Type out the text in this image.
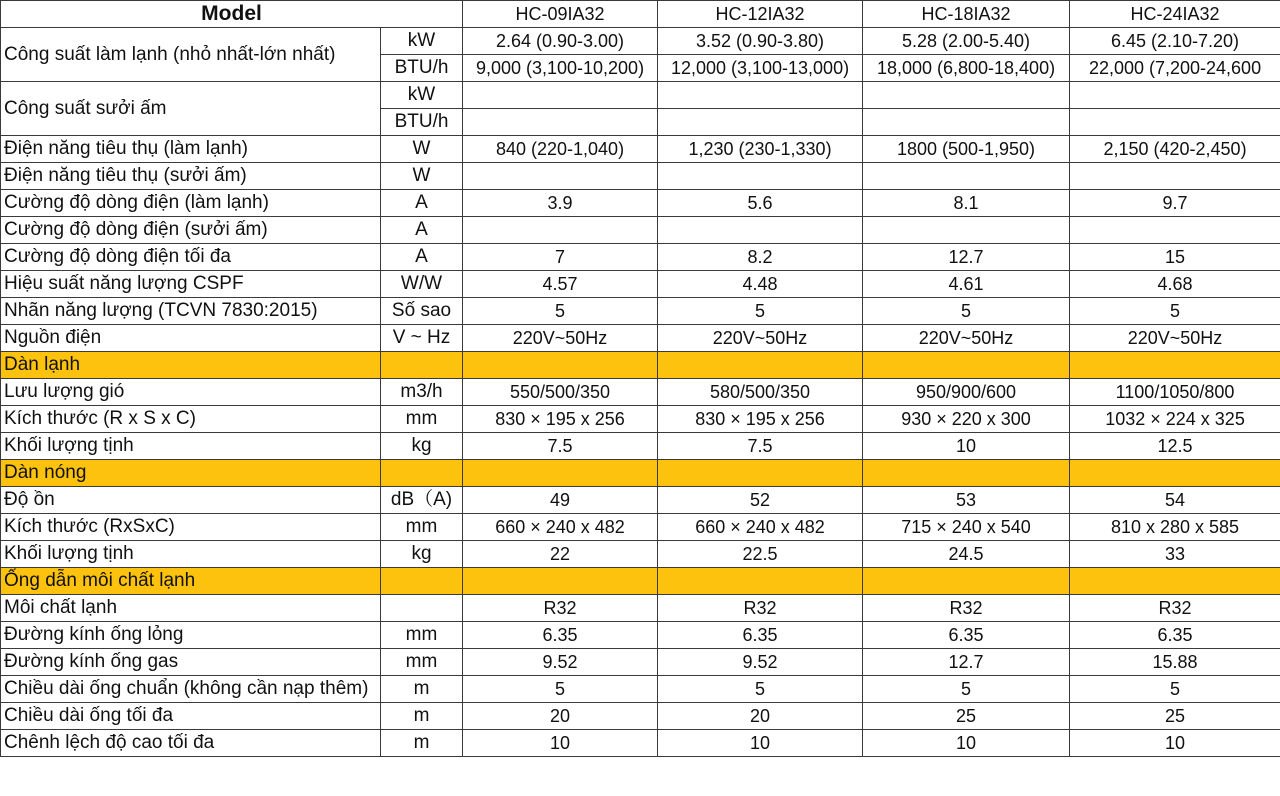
Model		HC-09IA32	HC-12IA32	HC-18IA32	HC-24IA32
Công suất làm lạnh (nhỏ nhất-lớn nhất)	kW	2.64 (0.90-3.00)	3.52 (0.90-3.80)	5.28 (2.00-5.40)	6.45 (2.10-7.20)
	BTU/h	9,000 (3,100-10,200)	12,000 (3,100-13,000)	18,000 (6,800-18,400)	22,000 (7,200-24,600
Công suất sưởi ấm	kW				
	BTU/h				
Điện năng tiêu thụ (làm lạnh)	W	840 (220-1,040)	1,230 (230-1,330)	1800 (500-1,950)	2,150 (420-2,450)
Điện năng tiêu thụ (sưởi ấm)	W				
Cường độ dòng điện (làm lạnh)	A	3.9	5.6	8.1	9.7
Cường độ dòng điện (sưởi ấm)	A				
Cường độ dòng điện tối đa	A	7	8.2	12.7	15
Hiệu suất năng lượng CSPF	W/W	4.57	4.48	4.61	4.68
Nhãn năng lượng (TCVN 7830:2015)	Số sao	5	5	5	5
Nguồn điện	V ~ Hz	220V~50Hz	220V~50Hz	220V~50Hz	220V~50Hz
Dàn lạnh					
Lưu lượng gió	m3/h	550/500/350	580/500/350	950/900/600	1100/1050/800
Kích thước (R x S x C)	mm	830 × 195 x 256	830 × 195 x 256	930 × 220 x 300	1032 × 224 x 325
Khối lượng tịnh	kg	7.5	7.5	10	12.5
Dàn nóng					
Độ ồn	dB（A)	49	52	53	54
Kích thước (RxSxC)	mm	660 × 240 x 482	660 × 240 x 482	715 × 240 x 540	810 x 280 x 585
Khối lượng tịnh	kg	22	22.5	24.5	33
Ống dẫn môi chất lạnh					
Môi chất lạnh		R32	R32	R32	R32
Đường kính ống lỏng	mm	6.35	6.35	6.35	6.35
Đường kính ống gas	mm	9.52	9.52	12.7	15.88
Chiều dài ống chuẩn (không cần nạp thêm)	m	5	5	5	5
Chiều dài ống tối đa	m	20	20	25	25
Chênh lệch độ cao tối đa	m	10	10	10	10
